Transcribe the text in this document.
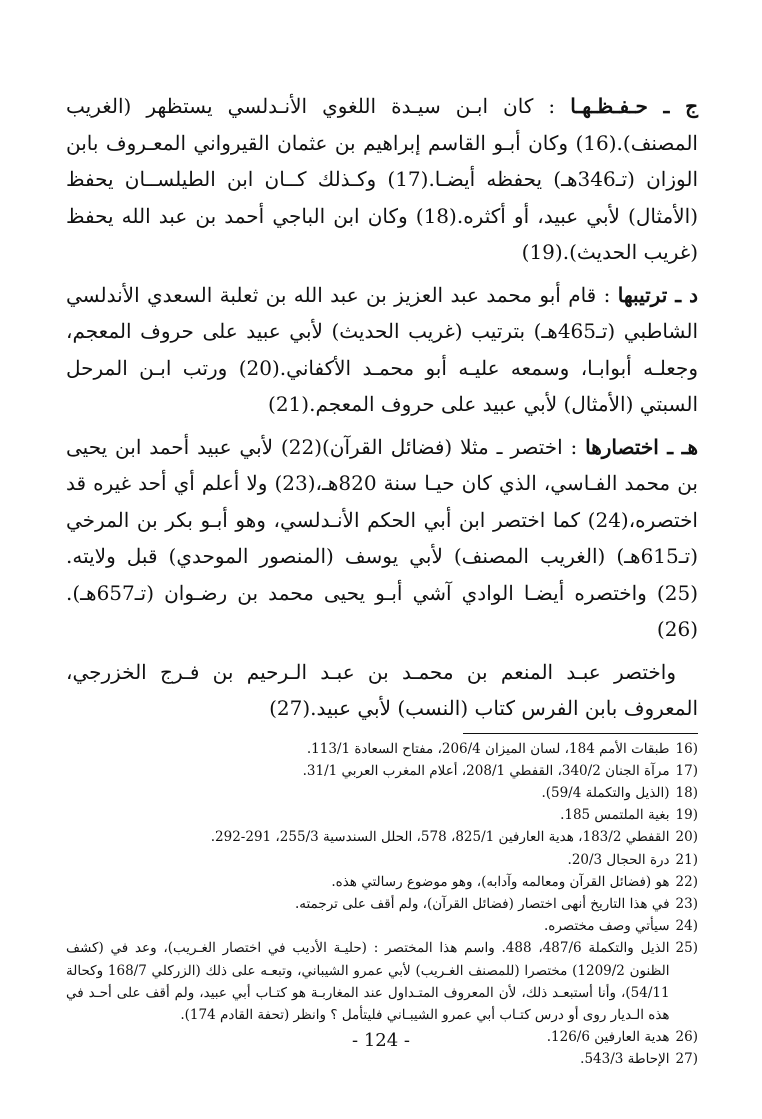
ج ـ حـفـظـهـا : كان ابـن سيـدة اللغوي الأنـدلسي يستظهر (الغريب المصنف).(16) وكان أبـو القاسم إبراهيم بن عثمان القيرواني المعـروف بابن الوزان (تـ346هـ) يحفظه أيضـا.(17) وكـذلك كــان ابن الطيلســان يحفظ (الأمثال) لأبي عبيد، أو أكثره.(18) وكان ابن الباجي أحمد بن عبد الله يحفظ (غريب الحديث).(19)

د ـ ترتيبها : قام أبو محمد عبد العزيز بن عبد الله بن ثعلبة السعدي الأندلسي الشاطبي (تـ465هـ) بترتيب (غريب الحديث) لأبي عبيد على حروف المعجم، وجعلـه أبوابـا، وسمعه عليـه أبو محمـد الأكفاني.(20) ورتب ابـن المرحل السبتي (الأمثال) لأبي عبيد على حروف المعجم.(21)

هـ ـ اختصارها : اختصر ـ مثلا (فضائل القرآن)(22) لأبي عبيد أحمد ابن يحيى بن محمد الفـاسي، الذي كان حيـا سنة 820هـ،(23) ولا أعلم أي أحد غيره قد اختصره،(24) كما اختصر ابن أبي الحكم الأنـدلسي، وهو أبـو بكر بن المرخي (تـ615هـ) (الغريب المصنف) لأبي يوسف (المنصور الموحدي) قبل ولايته.(25) واختصره أيضـا الوادي آشي أبـو يحيى محمد بن رضـوان (تـ657هـ).(26)

واختصر عبـد المنعم بن محمـد بن عبـد الـرحيم بن فـرج الخزرجي، المعروف بابن الفرس كتاب (النسب) لأبي عبيد.(27)

16)
طبقات الأمم 184، لسان الميزان 206/4، مفتاح السعادة 113/1.
17)
مرآة الجنان 340/2، القفطي 208/1، أعلام المغرب العربي 31/1.
18)
(الذيل والتكملة 59/4).
19)
بغية الملتمس 185.
20)
القفطي 183/2، هدية العارفين 825/1، 578، الحلل السندسية 255/3، 291-292.
21)
درة الحجال 20/3.
22)
هو (فضائل القرآن ومعالمه وآدابه)، وهو موضوع رسالتي هذه.
23)
في هذا التاريخ أنهى اختصار (فضائل القرآن)، ولم أقف على ترجمته.
24)
سيأتي وصف مختصره.
25)
الذيل والتكملة 487/6، 488. واسم هذا المختصر : (حليـة الأديب في اختصار الغـريب)، وعد في (كشف الظنون 1209/2) مختصرا (للمصنف الغـريب) لأبي عمرو الشيباني، وتبعـه على ذلك (الزركلي 168/7 وكحالة 54/11)، وأنا أستبعـد ذلك، لأن المعروف المتـداول عند المغاربـة هو كتـاب أبي عبيد، ولم أقف على أحـد في هذه الـديار روى أو درس كتـاب أبي عمرو الشيبـاني فليتأمل ؟ وانظر (تحفة القادم 174).
26)
هدية العارفين 126/6.
27)
الإحاطة 543/3.
- 124 -
